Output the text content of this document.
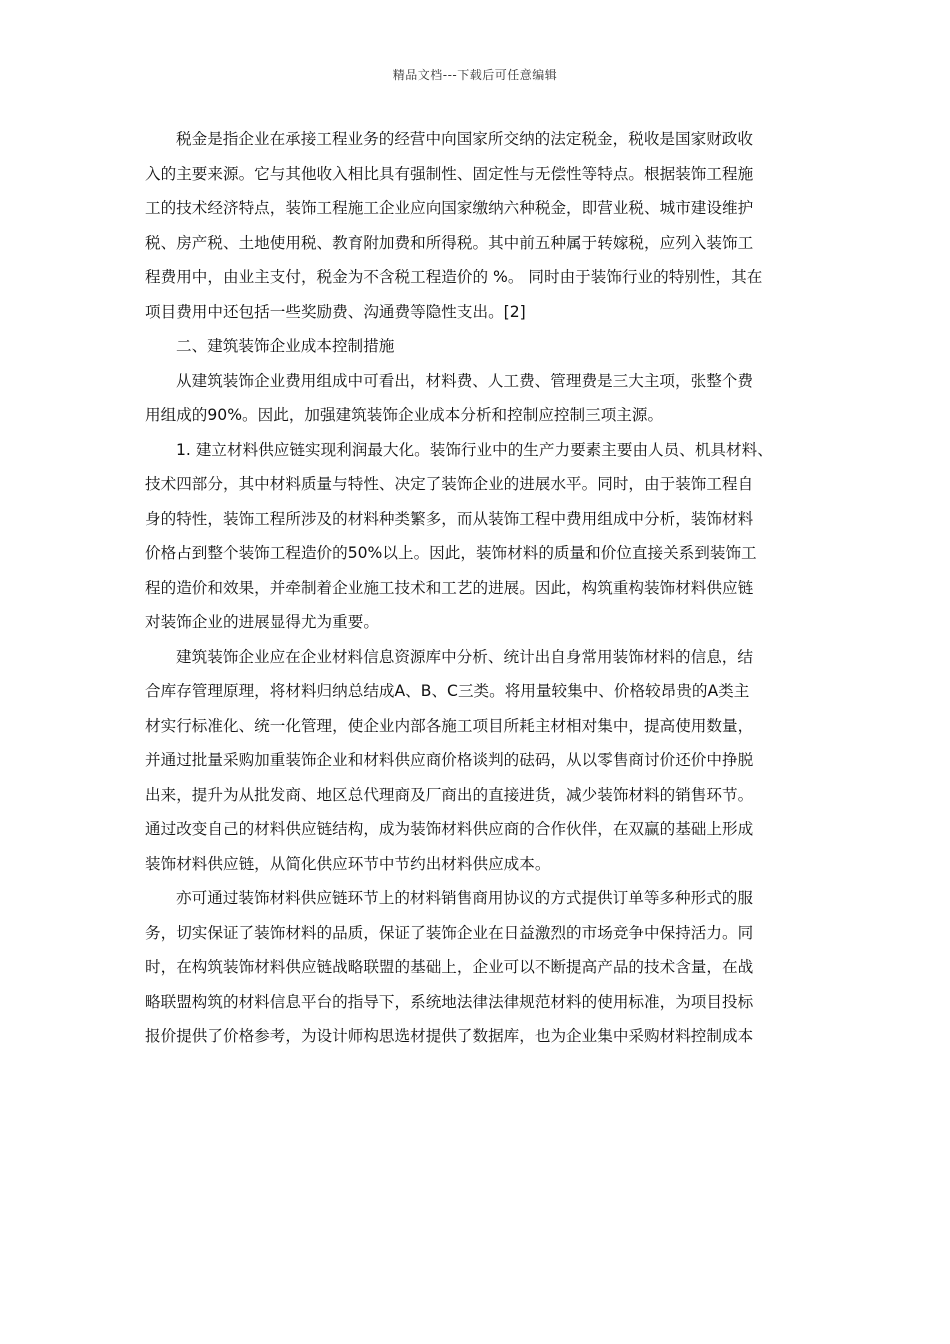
精品文档---下载后可任意编辑
税金是指企业在承接工程业务的经营中向国家所交纳的法定税金，税收是国家财政收
入的主要来源。它与其他收入相比具有强制性、固定性与无偿性等特点。根据装饰工程施
工的技术经济特点，装饰工程施工企业应向国家缴纳六种税金，即营业税、城市建设维护
税、房产税、土地使用税、教育附加费和所得税。其中前五种属于转嫁税，应列入装饰工
程费用中，由业主支付，税金为不含税工程造价的 %。 同时由于装饰行业的特别性，其在
项目费用中还包括一些奖励费、沟通费等隐性支出。[2]
二、建筑装饰企业成本控制措施
从建筑装饰企业费用组成中可看出，材料费、人工费、管理费是三大主项，张整个费
用组成的90%。因此，加强建筑装饰企业成本分析和控制应控制三项主源。
1. 建立材料供应链实现利润最大化。装饰行业中的生产力要素主要由人员、机具材料、
技术四部分，其中材料质量与特性、决定了装饰企业的进展水平。同时，由于装饰工程自
身的特性，装饰工程所涉及的材料种类繁多，而从装饰工程中费用组成中分析，装饰材料
价格占到整个装饰工程造价的50%以上。因此，装饰材料的质量和价位直接关系到装饰工
程的造价和效果，并牵制着企业施工技术和工艺的进展。因此，构筑重构装饰材料供应链
对装饰企业的进展显得尤为重要。
建筑装饰企业应在企业材料信息资源库中分析、统计出自身常用装饰材料的信息，结
合库存管理原理，将材料归纳总结成A、B、C三类。将用量较集中、价格较昂贵的A类主
材实行标准化、统一化管理，使企业内部各施工项目所耗主材相对集中，提高使用数量，
并通过批量采购加重装饰企业和材料供应商价格谈判的砝码，从以零售商讨价还价中挣脱
出来，提升为从批发商、地区总代理商及厂商出的直接进货，减少装饰材料的销售环节。
通过改变自己的材料供应链结构，成为装饰材料供应商的合作伙伴，在双赢的基础上形成
装饰材料供应链，从简化供应环节中节约出材料供应成本。
亦可通过装饰材料供应链环节上的材料销售商用协议的方式提供订单等多种形式的服
务，切实保证了装饰材料的品质，保证了装饰企业在日益激烈的市场竞争中保持活力。同
时，在构筑装饰材料供应链战略联盟的基础上，企业可以不断提高产品的技术含量，在战
略联盟构筑的材料信息平台的指导下，系统地法律法律规范材料的使用标准，为项目投标
报价提供了价格参考，为设计师构思选材提供了数据库，也为企业集中采购材料控制成本
